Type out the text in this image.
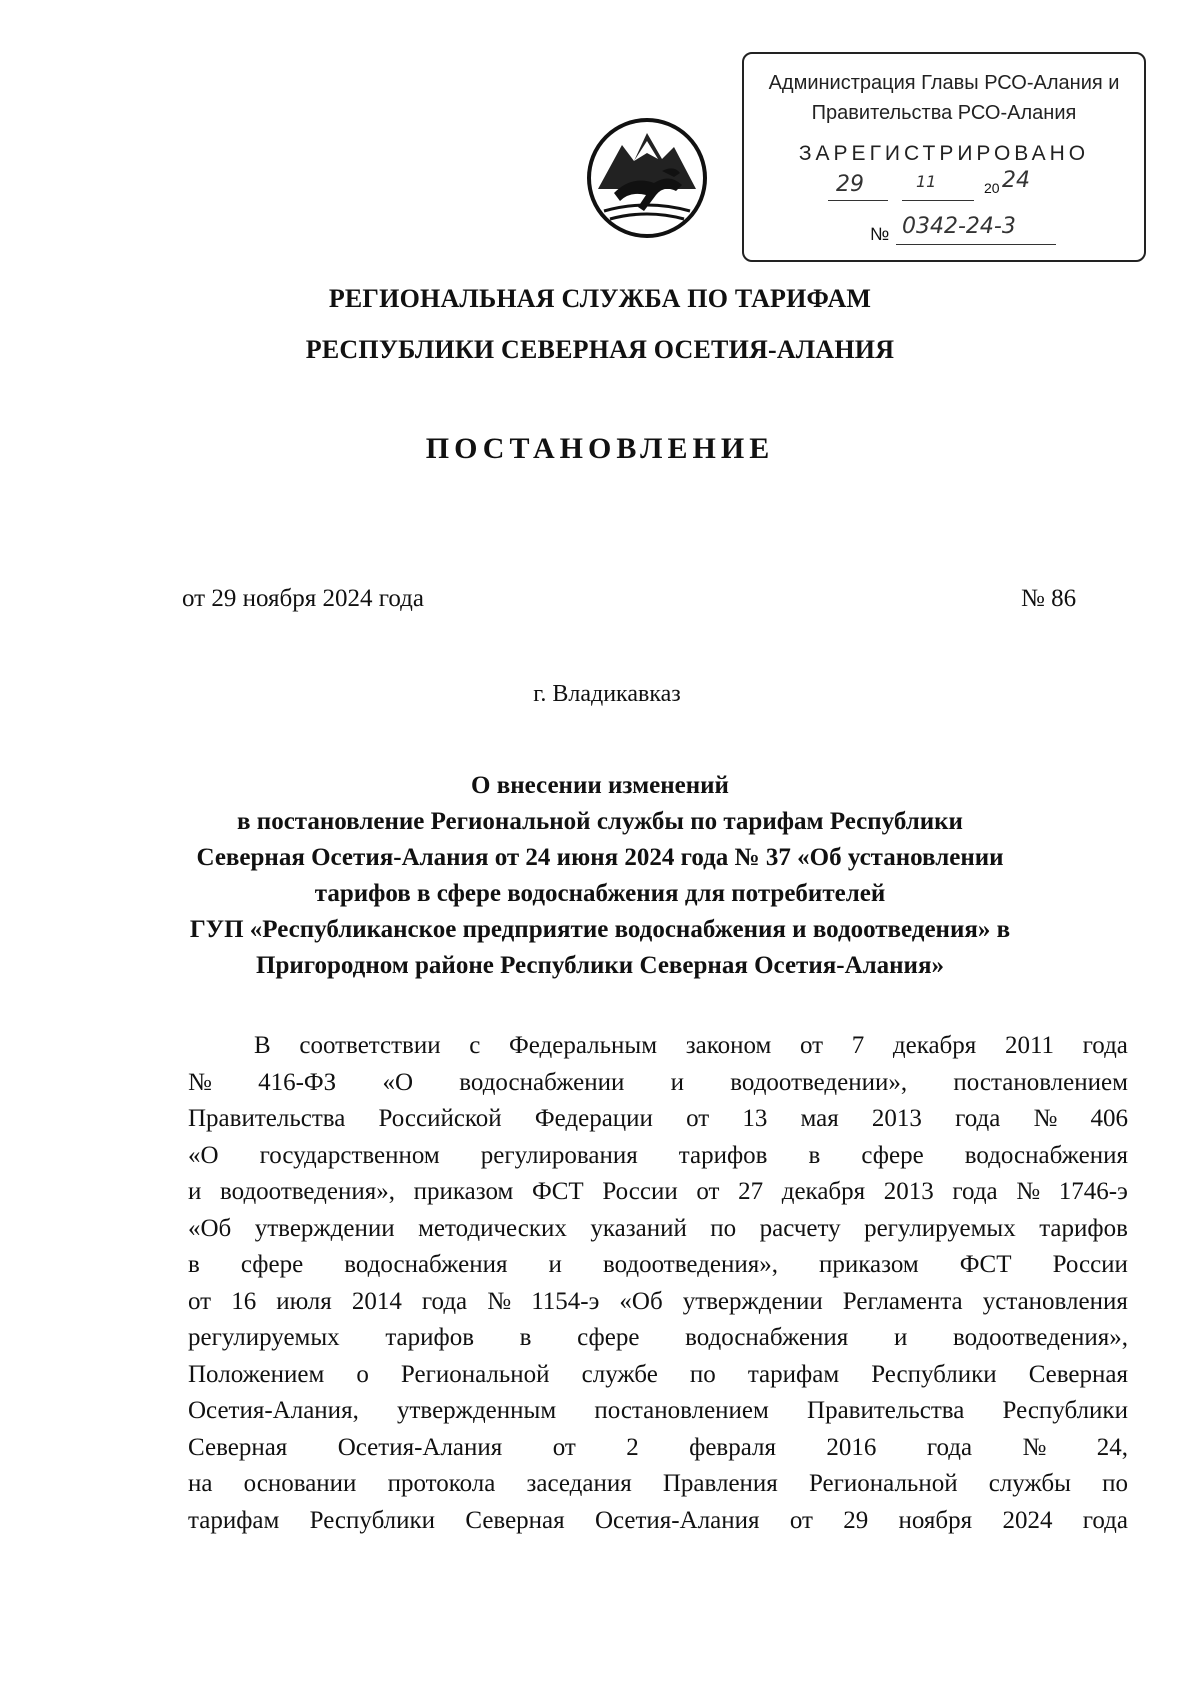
Администрация Главы РСО-Алания и
Правительства РСО-Алания
ЗАРЕГИСТРИРОВАНО
29	11	20 24
№ 0342-24-3
РЕГИОНАЛЬНАЯ СЛУЖБА ПО ТАРИФАМ
РЕСПУБЛИКИ СЕВЕРНАЯ ОСЕТИЯ-АЛАНИЯ
ПОСТАНОВЛЕНИЕ
от 29 ноября 2024 года	№ 86
г. Владикавказ
О внесении изменений
в постановление Региональной службы по тарифам Республики
Северная Осетия-Алания от 24 июня 2024 года № 37 «Об установлении
тарифов в сфере водоснабжения для потребителей
ГУП «Республиканское предприятие водоснабжения и водоотведения» в
Пригородном районе Республики Северная Осетия-Алания»
В соответствии с Федеральным законом от 7 декабря 2011 года
№ 416-ФЗ «О водоснабжении и водоотведении», постановлением
Правительства Российской Федерации от 13 мая 2013 года № 406
«О государственном регулирования тарифов в сфере водоснабжения
и водоотведения», приказом ФСТ России от 27 декабря 2013 года № 1746-э
«Об утверждении методических указаний по расчету регулируемых тарифов
в сфере водоснабжения и водоотведения», приказом ФСТ России
от 16 июля 2014 года № 1154-э «Об утверждении Регламента установления
регулируемых тарифов в сфере водоснабжения и водоотведения»,
Положением о Региональной службе по тарифам Республики Северная
Осетия-Алания, утвержденным постановлением Правительства Республики
Северная Осетия-Алания от 2 февраля 2016 года № 24,
на основании протокола заседания Правления Региональной службы по
тарифам Республики Северная Осетия-Алания от 29 ноября 2024 года
